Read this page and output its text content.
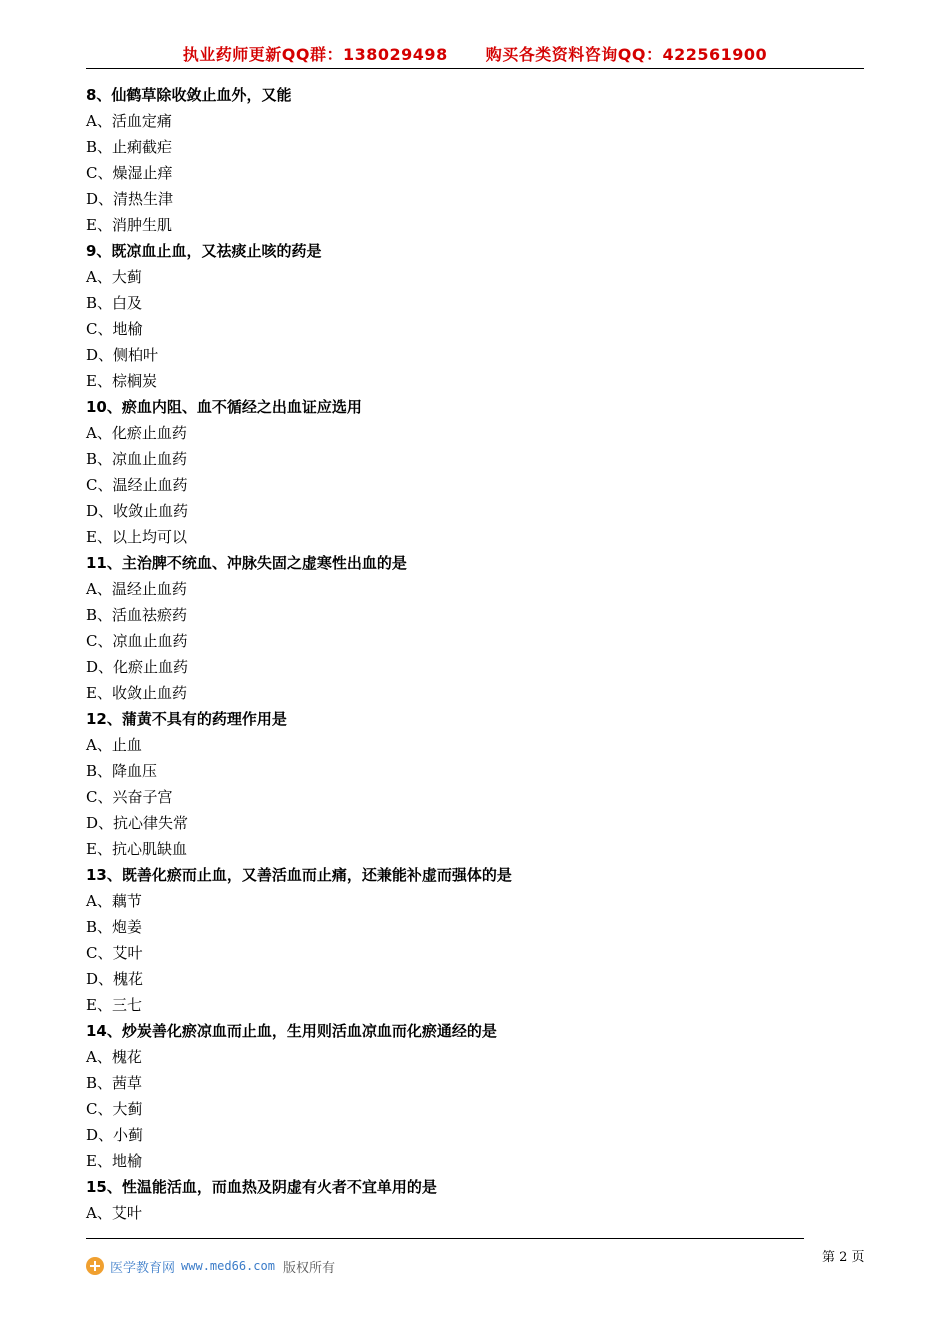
执业药师更新QQ群：138029498 购买各类资料咨询QQ：422561900
8、仙鹤草除收敛止血外，又能
A、活血定痛
B、止痢截疟
C、燥湿止痒
D、清热生津
E、消肿生肌
9、既凉血止血，又祛痰止咳的药是
A、大蓟
B、白及
C、地榆
D、侧柏叶
E、棕榈炭
10、瘀血内阻、血不循经之出血证应选用
A、化瘀止血药
B、凉血止血药
C、温经止血药
D、收敛止血药
E、以上均可以
11、主治脾不统血、冲脉失固之虚寒性出血的是
A、温经止血药
B、活血祛瘀药
C、凉血止血药
D、化瘀止血药
E、收敛止血药
12、蒲黄不具有的药理作用是
A、止血
B、降血压
C、兴奋子宫
D、抗心律失常
E、抗心肌缺血
13、既善化瘀而止血，又善活血而止痛，还兼能补虚而强体的是
A、藕节
B、炮姜
C、艾叶
D、槐花
E、三七
14、炒炭善化瘀凉血而止血，生用则活血凉血而化瘀通经的是
A、槐花
B、茜草
C、大蓟
D、小蓟
E、地榆
15、性温能活血，而血热及阴虚有火者不宜单用的是
A、艾叶
医学教育网 www.med66.com 版权所有
第 2 页
